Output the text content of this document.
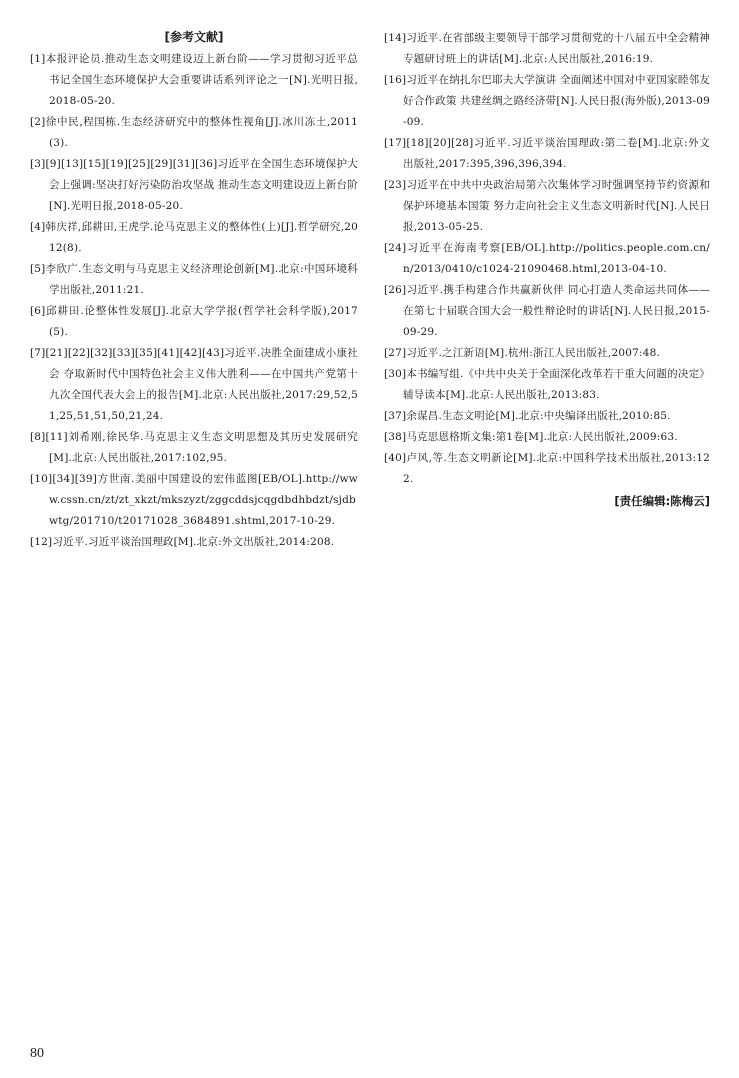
[参考文献]

[1]本报评论员.推动生态文明建设迈上新台阶——学习贯彻习近平总书记全国生态环境保护大会重要讲话系列评论之一[N].光明日报,2018-05-20.

[2]徐中民,程国栋.生态经济研究中的整体性视角[J].冰川冻土,2011(3).

[3][9][13][15][19][25][29][31][36]习近平在全国生态环境保护大会上强调:坚决打好污染防治攻坚战 推动生态文明建设迈上新台阶[N].光明日报,2018-05-20.

[4]韩庆祥,邱耕田,王虎学.论马克思主义的整体性(上)[J].哲学研究,2012(8).

[5]李欣广.生态文明与马克思主义经济理论创新[M].北京:中国环境科学出版社,2011:21.

[6]邱耕田.论整体性发展[J].北京大学学报(哲学社会科学版),2017(5).

[7][21][22][32][33][35][41][42][43]习近平.决胜全面建成小康社会 夺取新时代中国特色社会主义伟大胜利——在中国共产党第十九次全国代表大会上的报告[M].北京:人民出版社,2017:29,52,51,25,51,51,50,21,24.

[8][11]刘希刚,徐民华.马克思主义生态文明思想及其历史发展研究[M].北京:人民出版社,2017:102,95.

[10][34][39]方世南.美丽中国建设的宏伟蓝图[EB/OL].http://www.cssn.cn/zt/zt_xkzt/mkszyzt/zggcddsjcqgdbdhbdzt/sjdbwtg/201710/t20171028_3684891.shtml,2017-10-29.

[12]习近平.习近平谈治国理政[M].北京:外文出版社,2014:208.

[14]习近平.在省部级主要领导干部学习贯彻党的十八届五中全会精神专题研讨班上的讲话[M].北京:人民出版社,2016:19.

[16]习近平在纳扎尔巴耶夫大学演讲 全面阐述中国对中亚国家睦邻友好合作政策 共建丝绸之路经济带[N].人民日报(海外版),2013-09-09.

[17][18][20][28]习近平.习近平谈治国理政:第二卷[M].北京:外文出版社,2017:395,396,396,394.

[23]习近平在中共中央政治局第六次集体学习时强调坚持节约资源和保护环境基本国策 努力走向社会主义生态文明新时代[N].人民日报,2013-05-25.

[24]习近平在海南考察[EB/OL].http://politics.people.com.cn/n/2013/0410/c1024-21090468.html,2013-04-10.

[26]习近平.携手构建合作共赢新伙伴 同心打造人类命运共同体——在第七十届联合国大会一般性辩论时的讲话[N].人民日报,2015-09-29.

[27]习近平.之江新语[M].杭州:浙江人民出版社,2007:48.

[30]本书编写组.《中共中央关于全面深化改革若干重大问题的决定》辅导读本[M].北京:人民出版社,2013:83.

[37]余谋昌.生态文明论[M].北京:中央编译出版社,2010:85.

[38]马克思恩格斯文集:第1卷[M].北京:人民出版社,2009:63.

[40]卢风,等.生态文明新论[M].北京:中国科学技术出版社,2013:122.

[责任编辑:陈梅云]

80
